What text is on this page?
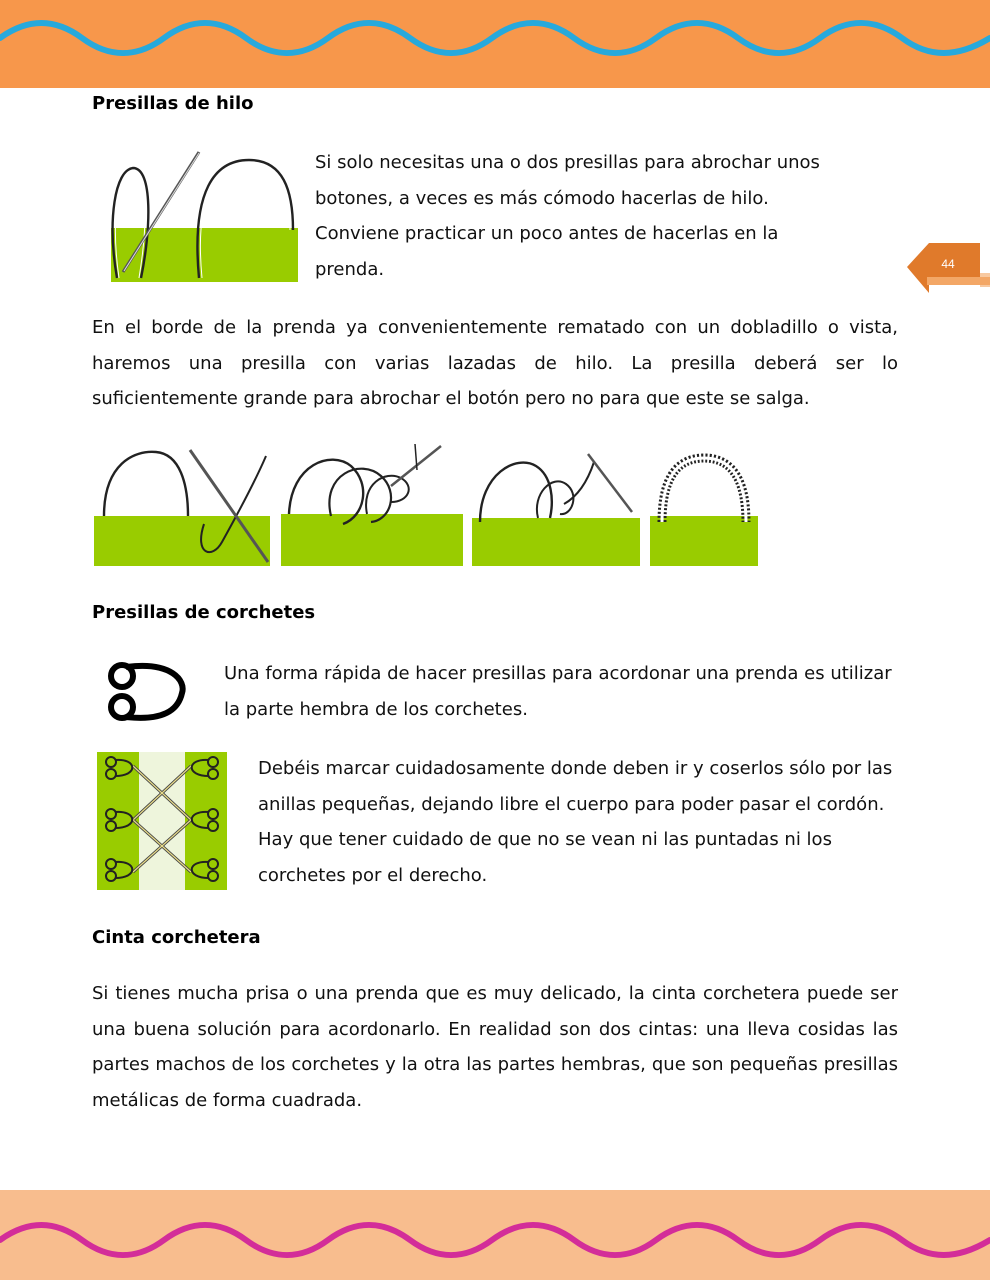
44
Presillas de hilo
Si solo necesitas una o dos presillas para abrochar unos
botones, a veces es más cómodo hacerlas de hilo.
Conviene practicar un poco antes de hacerlas en la
prenda.

En el borde de la prenda ya convenientemente rematado con un dobladillo o vista, haremos una presilla con varias lazadas de hilo. La presilla deberá ser lo suficientemente grande para abrochar el botón pero no para que este se salga.

Presillas de corchetes

Una forma rápida de hacer presillas para acordonar una prenda es utilizar la parte hembra de los corchetes.

Debéis marcar cuidadosamente donde deben ir y coserlos sólo por las anillas pequeñas, dejando libre el cuerpo para poder pasar el cordón. Hay que tener cuidado de que no se vean ni las puntadas ni los corchetes por el derecho.

Cinta corchetera

Si tienes mucha prisa o una prenda que es muy delicado, la cinta corchetera puede ser una buena solución para acordonarlo. En realidad son dos cintas: una lleva cosidas las partes machos de los corchetes y la otra las partes hembras, que son pequeñas presillas metálicas de forma cuadrada.
